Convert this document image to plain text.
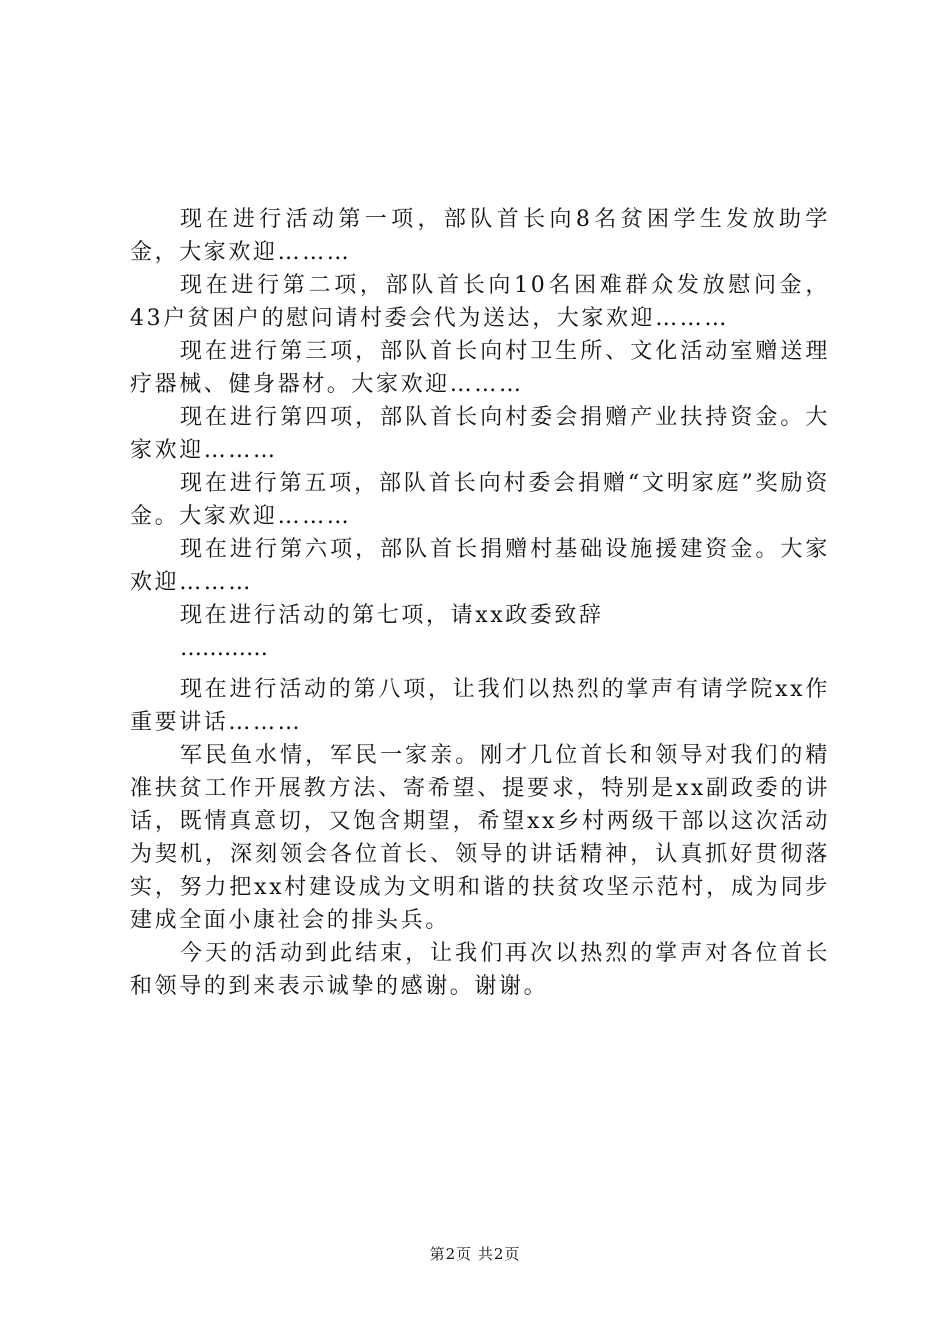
现在进行活动第一项，部队首长向8名贫困学生发放助学金，大家欢迎………

现在进行第二项，部队首长向10名困难群众发放慰问金，43户贫困户的慰问请村委会代为送达，大家欢迎………

现在进行第三项，部队首长向村卫生所、文化活动室赠送理疗器械、健身器材。大家欢迎………

现在进行第四项，部队首长向村委会捐赠产业扶持资金。大家欢迎………

现在进行第五项，部队首长向村委会捐赠“文明家庭”奖励资金。大家欢迎………

现在进行第六项，部队首长捐赠村基础设施援建资金。大家欢迎………

现在进行活动的第七项，请xx政委致辞

…………

现在进行活动的第八项，让我们以热烈的掌声有请学院xx作重要讲话………

军民鱼水情，军民一家亲。刚才几位首长和领导对我们的精准扶贫工作开展教方法、寄希望、提要求，特别是xx副政委的讲话，既情真意切，又饱含期望，希望xx乡村两级干部以这次活动为契机，深刻领会各位首长、领导的讲话精神，认真抓好贯彻落实，努力把xx村建设成为文明和谐的扶贫攻坚示范村，成为同步建成全面小康社会的排头兵。

今天的活动到此结束，让我们再次以热烈的掌声对各位首长和领导的到来表示诚挚的感谢。谢谢。

第2页 共2页
